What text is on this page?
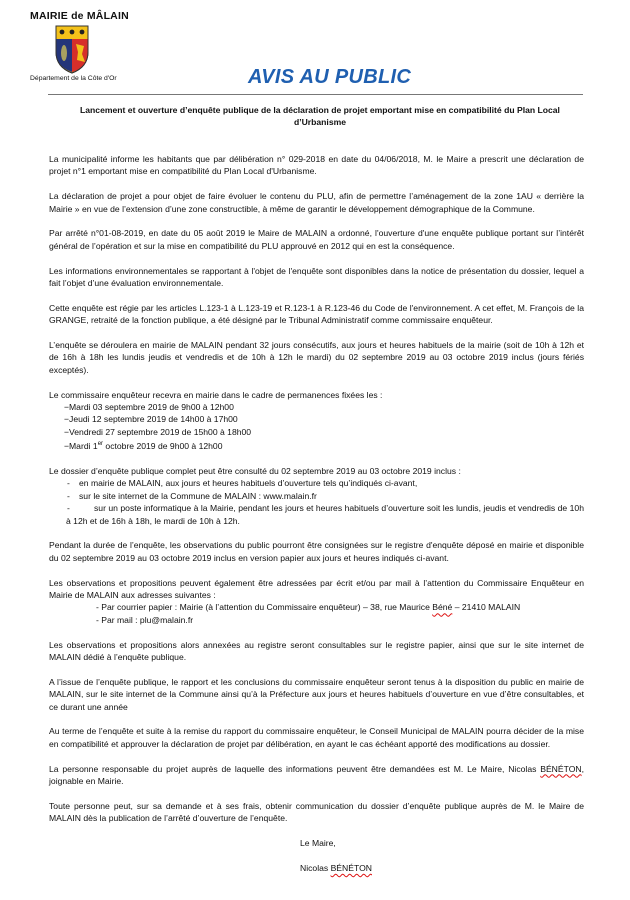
MAIRIE de MÂLAIN
Département de la Côte d'Or	AVIS AU PUBLIC
Lancement et ouverture d’enquête publique de la déclaration de projet emportant mise en compatibilité du Plan Local d’Urbanisme

La municipalité informe les habitants que par délibération n° 029-2018 en date du 04/06/2018, M. le Maire a prescrit une déclaration de projet n°1 emportant mise en compatibilité du Plan Local d'Urbanisme.

La déclaration de projet a pour objet de faire évoluer le contenu du PLU, afin de permettre l’aménagement de la zone 1AU « derrière la Mairie » en vue de l’extension d’une zone constructible, à même de garantir le développement démographique de la Commune.

Par arrêté n°01-08-2019, en date du 05 août 2019 le Maire de MALAIN a ordonné, l'ouverture d'une enquête publique portant sur l’intérêt général de l’opération et sur la mise en compatibilité du PLU approuvé en 2012 qui en est la conséquence.

Les informations environnementales se rapportant à l'objet de l'enquête sont disponibles dans la notice de présentation du dossier, lequel a fait l’objet d’une évaluation environnementale.

Cette enquête est régie par les articles L.123-1 à L.123-19 et R.123-1 à R.123-46 du Code de l'environnement. A cet effet, M. François de la GRANGE, retraité de la fonction publique, a été désigné par le Tribunal Administratif comme commissaire enquêteur.

L’enquête se déroulera en mairie de MALAIN pendant 32 jours consécutifs, aux jours et heures habituels de la mairie (soit de 10h à 12h et de 16h à 18h les lundis jeudis et vendredis et de 10h à 12h le mardi) du 02 septembre 2019 au 03 octobre 2019 inclus (jours fériés exceptés).

Le commissaire enquêteur recevra en mairie dans le cadre de permanences fixées les :

−Mardi 03 septembre 2019 de 9h00 à 12h00
−Jeudi 12 septembre 2019 de 14h00 à 17h00
−Vendredi 27 septembre 2019 de 15h00 à 18h00
−Mardi 1er octobre 2019 de 9h00 à 12h00

Le dossier d’enquête publique complet peut être consulté du 02 septembre 2019 au 03 octobre 2019 inclus :

- en mairie de MALAIN, aux jours et heures habituels d’ouverture tels qu’indiqués ci-avant,
- sur le site internet de la Commune de MALAIN : www.malain.fr
-	sur un poste informatique à la Mairie, pendant les jours et heures habituels d’ouverture soit les lundis, jeudis et vendredis de 10h à 12h et de 16h à 18h, le mardi de 10h à 12h.

Pendant la durée de l’enquête, les observations du public pourront être consignées sur le registre d'enquête déposé en mairie et disponible du 02 septembre 2019 au 03 octobre 2019 inclus en version papier aux jours et heures indiqués ci-avant.

Les observations et propositions peuvent également être adressées par écrit et/ou par mail à l’attention du Commissaire Enquêteur en Mairie de MALAIN aux adresses suivantes :

- Par courrier papier : Mairie (à l’attention du Commissaire enquêteur) – 38, rue Maurice Béné – 21410 MALAIN
- Par mail : plu@malain.fr

Les observations et propositions alors annexées au registre seront consultables sur le registre papier, ainsi que sur le site internet de MALAIN dédié à l’enquête publique.

A l’issue de l’enquête publique, le rapport et les conclusions du commissaire enquêteur seront tenus à la disposition du public en mairie de MALAIN, sur le site internet de la Commune ainsi qu’à la Préfecture aux jours et heures habituels d’ouverture en vue d’être consultables, et ce durant une année

Au terme de l’enquête et suite à la remise du rapport du commissaire enquêteur, le Conseil Municipal de MALAIN pourra décider de la mise en compatibilité et approuver la déclaration de projet par délibération, en ayant le cas échéant apporté des modifications au dossier.

La personne responsable du projet auprès de laquelle des informations peuvent être demandées est M. Le Maire, Nicolas BÉNÉTON, joignable en Mairie.

Toute personne peut, sur sa demande et à ses frais, obtenir communication du dossier d’enquête publique auprès de M. le Maire de MALAIN dès la publication de l’arrêté d’ouverture de l’enquête.

Le Maire,

Nicolas BÉNÉTON
